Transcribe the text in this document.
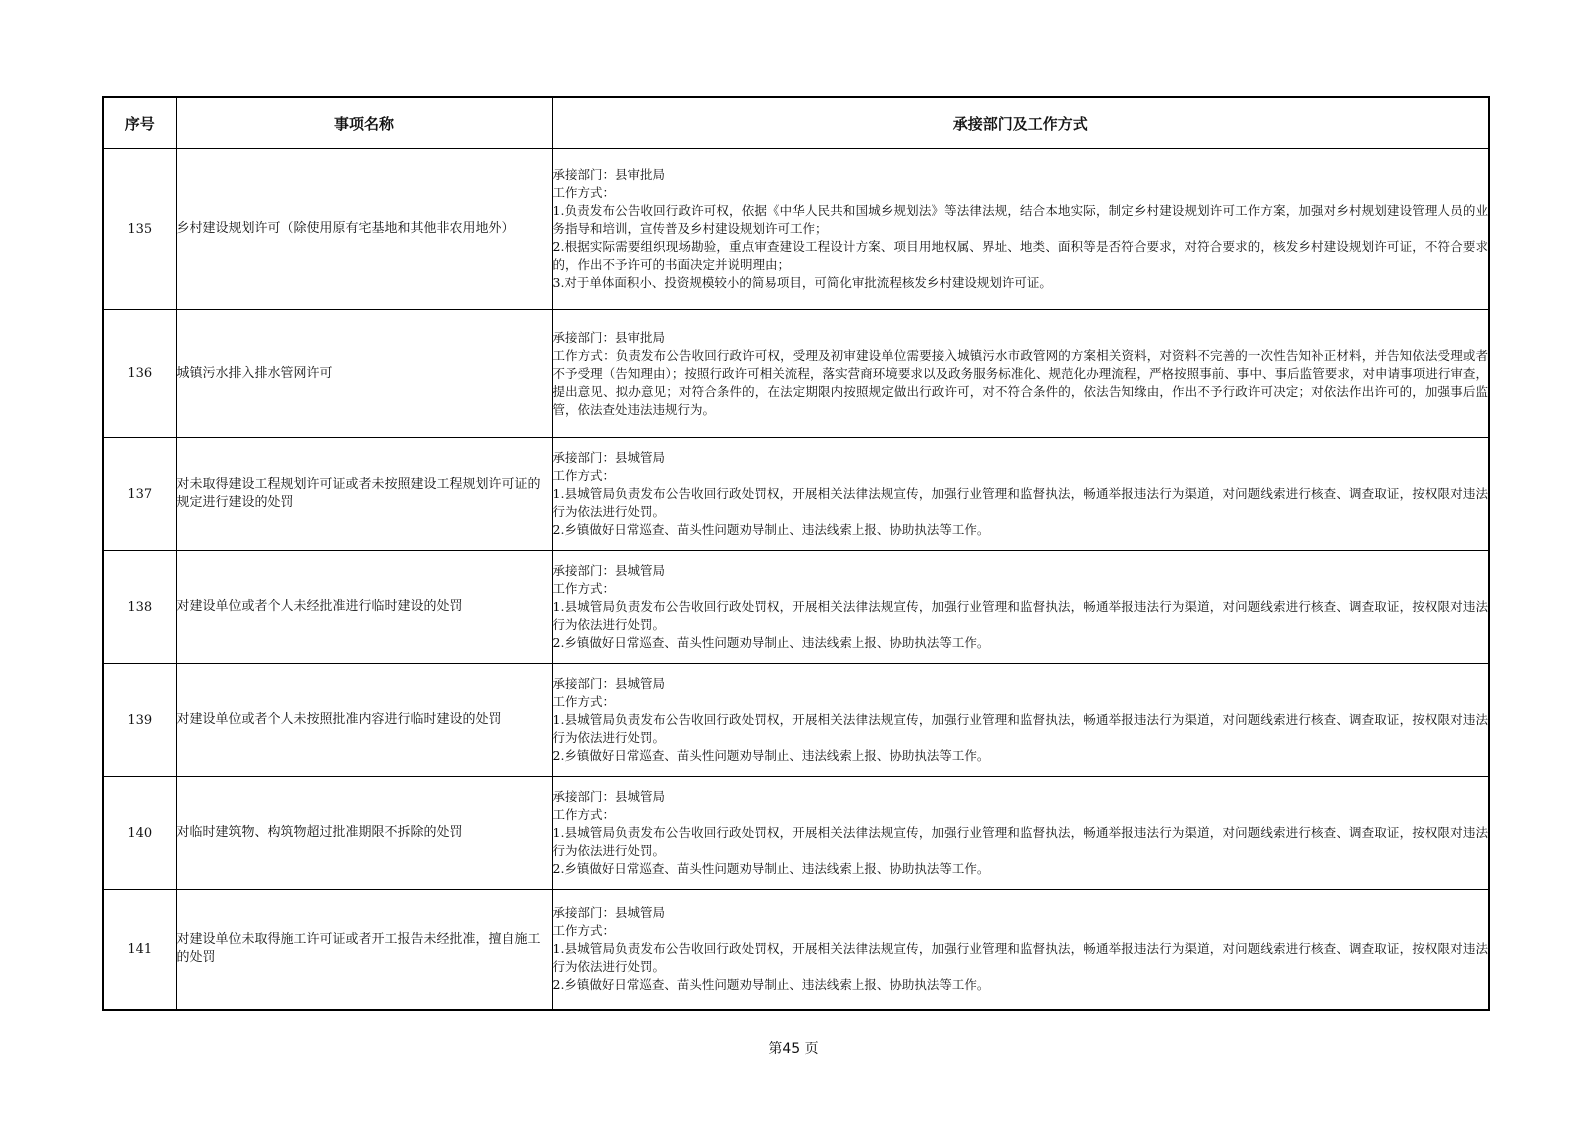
序号	事项名称	承接部门及工作方式
135	乡村建设规划许可（除使用原有宅基地和其他非农用地外）	承接部门：县审批局
工作方式：
1.负责发布公告收回行政许可权，依据《中华人民共和国城乡规划法》等法律法规，结合本地实际，制定乡村建设规划许可工作方案，加强对乡村规划建设管理人员的业务指导和培训，宣传普及乡村建设规划许可工作；
2.根据实际需要组织现场勘验，重点审查建设工程设计方案、项目用地权属、界址、地类、面积等是否符合要求，对符合要求的，核发乡村建设规划许可证，不符合要求的，作出不予许可的书面决定并说明理由；
3.对于单体面积小、投资规模较小的简易项目，可简化审批流程核发乡村建设规划许可证。

136	城镇污水排入排水管网许可	承接部门：县审批局
工作方式：负责发布公告收回行政许可权，受理及初审建设单位需要接入城镇污水市政管网的方案相关资料，对资料不完善的一次性告知补正材料，并告知依法受理或者不予受理（告知理由）；按照行政许可相关流程，落实营商环境要求以及政务服务标准化、规范化办理流程，严格按照事前、事中、事后监管要求，对申请事项进行审查，提出意见、拟办意见；对符合条件的，在法定期限内按照规定做出行政许可，对不符合条件的，依法告知缘由，作出不予行政许可决定；对依法作出许可的，加强事后监管，依法查处违法违规行为。

137	对未取得建设工程规划许可证或者未按照建设工程规划许可证的规定进行建设的处罚	承接部门：县城管局
工作方式：
1.县城管局负责发布公告收回行政处罚权，开展相关法律法规宣传，加强行业管理和监督执法，畅通举报违法行为渠道，对问题线索进行核查、调查取证，按权限对违法行为依法进行处罚。
2.乡镇做好日常巡查、苗头性问题劝导制止、违法线索上报、协助执法等工作。

138	对建设单位或者个人未经批准进行临时建设的处罚	承接部门：县城管局
工作方式：
1.县城管局负责发布公告收回行政处罚权，开展相关法律法规宣传，加强行业管理和监督执法，畅通举报违法行为渠道，对问题线索进行核查、调查取证，按权限对违法行为依法进行处罚。
2.乡镇做好日常巡查、苗头性问题劝导制止、违法线索上报、协助执法等工作。

139	对建设单位或者个人未按照批准内容进行临时建设的处罚	承接部门：县城管局
工作方式：
1.县城管局负责发布公告收回行政处罚权，开展相关法律法规宣传，加强行业管理和监督执法，畅通举报违法行为渠道，对问题线索进行核查、调查取证，按权限对违法行为依法进行处罚。
2.乡镇做好日常巡查、苗头性问题劝导制止、违法线索上报、协助执法等工作。

140	对临时建筑物、构筑物超过批准期限不拆除的处罚	承接部门：县城管局
工作方式：
1.县城管局负责发布公告收回行政处罚权，开展相关法律法规宣传，加强行业管理和监督执法，畅通举报违法行为渠道，对问题线索进行核查、调查取证，按权限对违法行为依法进行处罚。
2.乡镇做好日常巡查、苗头性问题劝导制止、违法线索上报、协助执法等工作。

141	对建设单位未取得施工许可证或者开工报告未经批准，擅自施工的处罚	承接部门：县城管局
工作方式：
1.县城管局负责发布公告收回行政处罚权，开展相关法律法规宣传，加强行业管理和监督执法，畅通举报违法行为渠道，对问题线索进行核查、调查取证，按权限对违法行为依法进行处罚。
2.乡镇做好日常巡查、苗头性问题劝导制止、违法线索上报、协助执法等工作。
第45 页
